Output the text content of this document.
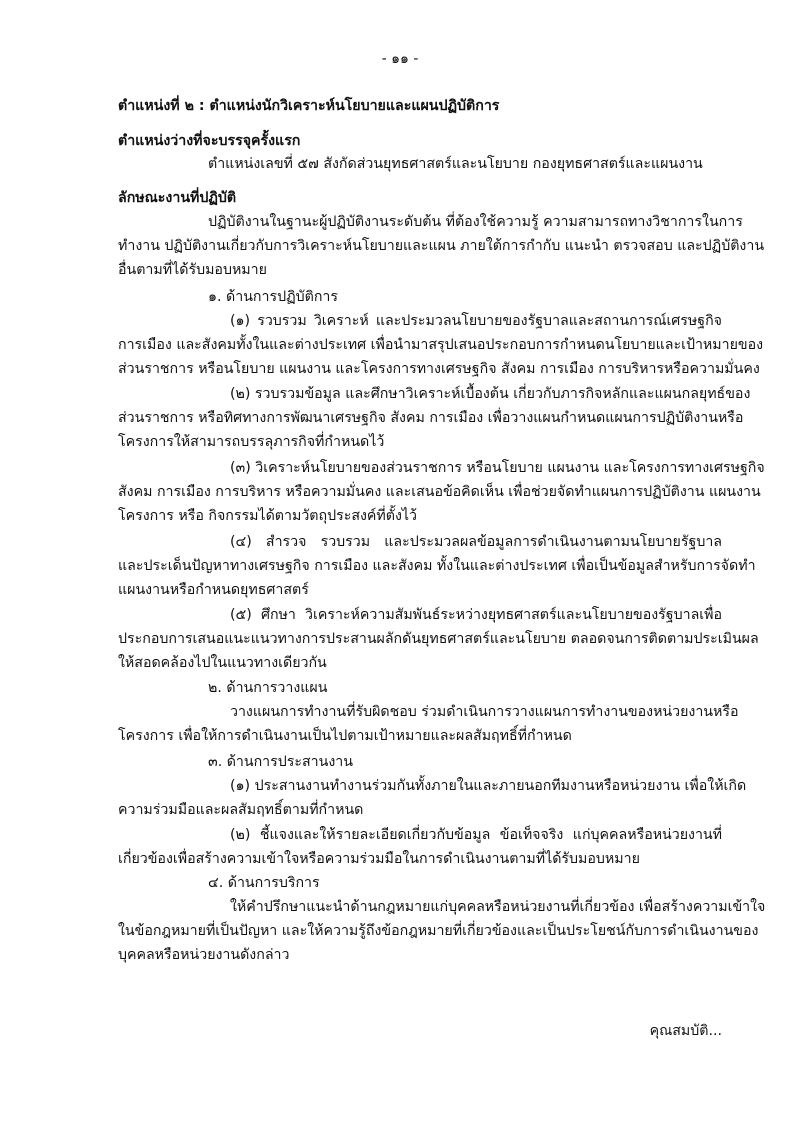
- ๑๑ -
ตำแหน่งที่ ๒ : ตำแหน่งนักวิเคราะห์นโยบายและแผนปฏิบัติการ
ตำแหน่งว่างที่จะบรรจุครั้งแรก
ตำแหน่งเลขที่ ๕๗ สังกัดส่วนยุทธศาสตร์และนโยบาย กองยุทธศาสตร์และแผนงาน
ลักษณะงานที่ปฏิบัติ
ปฏิบัติงานในฐานะผู้ปฏิบัติงานระดับต้น ที่ต้องใช้ความรู้ ความสามารถทางวิชาการในการ
ทำงาน ปฏิบัติงานเกี่ยวกับการวิเคราะห์นโยบายและแผน ภายใต้การกำกับ แนะนำ ตรวจสอบ และปฏิบัติงาน
อื่นตามที่ได้รับมอบหมาย
๑. ด้านการปฏิบัติการ
(๑) รวบรวม วิเคราะห์ และประมวลนโยบายของรัฐบาลและสถานการณ์เศรษฐกิจ
การเมือง และสังคมทั้งในและต่างประเทศ เพื่อนำมาสรุปเสนอประกอบการกำหนดนโยบายและเป้าหมายของ
ส่วนราชการ หรือนโยบาย แผนงาน และโครงการทางเศรษฐกิจ สังคม การเมือง การบริหารหรือความมั่นคง
(๒) รวบรวมข้อมูล และศึกษาวิเคราะห์เบื้องต้น เกี่ยวกับภารกิจหลักและแผนกลยุทธ์ของ
ส่วนราชการ หรือทิศทางการพัฒนาเศรษฐกิจ สังคม การเมือง เพื่อวางแผนกำหนดแผนการปฏิบัติงานหรือ
โครงการให้สามารถบรรลุภารกิจที่กำหนดไว้
(๓) วิเคราะห์นโยบายของส่วนราชการ หรือนโยบาย แผนงาน และโครงการทางเศรษฐกิจ
สังคม การเมือง การบริหาร หรือความมั่นคง และเสนอข้อคิดเห็น เพื่อช่วยจัดทำแผนการปฏิบัติงาน แผนงาน
โครงการ หรือ กิจกรรมได้ตามวัตถุประสงค์ที่ตั้งไว้
(๔) สำรวจ รวบรวม และประมวลผลข้อมูลการดำเนินงานตามนโยบายรัฐบาล
และประเด็นปัญหาทางเศรษฐกิจ การเมือง และสังคม ทั้งในและต่างประเทศ เพื่อเป็นข้อมูลสำหรับการจัดทำ
แผนงานหรือกำหนดยุทธศาสตร์
(๕) ศึกษา วิเคราะห์ความสัมพันธ์ระหว่างยุทธศาสตร์และนโยบายของรัฐบาลเพื่อ
ประกอบการเสนอแนะแนวทางการประสานผลักดันยุทธศาสตร์และนโยบาย ตลอดจนการติดตามประเมินผล
ให้สอดคล้องไปในแนวทางเดียวกัน
๒. ด้านการวางแผน
วางแผนการทำงานที่รับผิดชอบ ร่วมดำเนินการวางแผนการทำงานของหน่วยงานหรือ
โครงการ เพื่อให้การดำเนินงานเป็นไปตามเป้าหมายและผลสัมฤทธิ์ที่กำหนด
๓. ด้านการประสานงาน
(๑) ประสานงานทำงานร่วมกันทั้งภายในและภายนอกทีมงานหรือหน่วยงาน เพื่อให้เกิด
ความร่วมมือและผลสัมฤทธิ์ตามที่กำหนด
(๒) ชี้แจงและให้รายละเอียดเกี่ยวกับข้อมูล ข้อเท็จจริง แก่บุคคลหรือหน่วยงานที่
เกี่ยวข้องเพื่อสร้างความเข้าใจหรือความร่วมมือในการดำเนินงานตามที่ได้รับมอบหมาย
๔. ด้านการบริการ
ให้คำปรึกษาแนะนำด้านกฎหมายแก่บุคคลหรือหน่วยงานที่เกี่ยวข้อง เพื่อสร้างความเข้าใจ
ในข้อกฎหมายที่เป็นปัญหา และให้ความรู้ถึงข้อกฎหมายที่เกี่ยวข้องและเป็นประโยชน์กับการดำเนินงานของ
บุคคลหรือหน่วยงานดังกล่าว
คุณสมบัติ...
